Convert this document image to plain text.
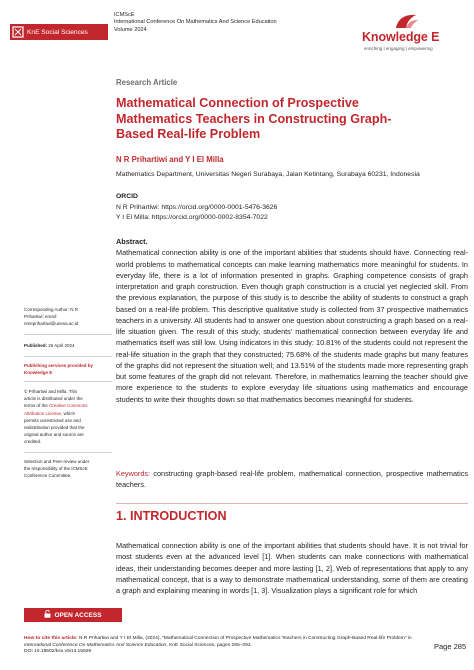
KnE Social Sciences
ICMScE
International Conference On Mathematics And Science Education
Volume 2024
Knowledge E
enriching | engaging | empowering
Research Article
Mathematical Connection of Prospective Mathematics Teachers in Constructing Graph-Based Real-life Problem
N R Prihartiwi and Y I El Milla
Mathematics Department, Universitas Negeri Surabaya, Jalan Ketintang, Surabaya 60231, Indonesia
ORCID
N R Prihartiwi: https://orcid.org/0000-0001-5476-3626
Y I El Milla: https://orcid.org/0000-0002-8354-7022
Abstract.
Mathematical connection ability is one of the important abilities that students should have. Connecting real-world problems to mathematical concepts can make learning mathematics more meaningful for students. In everyday life, there is a lot of information presented in graphs. Graphing competence consists of graph interpretation and graph construction. Even though graph construction is a crucial yet neglected skill. From the previous explanation, the purpose of this study is to describe the ability of students to construct a graph based on a real-life problem. This descriptive qualitative study is collected from 37 prospective mathematics teachers in a university. All students had to answer one question about constructing a graph based on a real-life situation given. The result of this study, students’ mathematical connection between everyday life and mathematics itself was still low. Using indicators in this study: 10.81% of the students could not represent the real-life situation in the graph that they constructed; 75.68% of the students made graphs but many features of the graphs did not represent the situation well; and 13.51% of the students made more representing graph but some features of the graph did not relevant. Therefore, in mathematics learning the teacher should give more experience to the students to explore everyday life situations using mathematics and encourage students to write their thoughts down so that mathematics becomes meaningful for students.
Keywords: constructing graph-based real-life problem, mathematical connection, prospective mathematics teachers.
1. INTRODUCTION
Mathematical connection ability is one of the important abilities that students should have. It is not trivial for most students even at the advanced level [1]. When students can make connections with mathematical ideas, their understanding becomes deeper and more lasting [1, 2]. Web of representations that apply to any mathematical concept, that is a way to demonstrate mathematical understanding, some of them are creating a graph and explaining meaning in words [1, 3]. Visualization plays a significant role for which
Corresponding Author: N R
Prihartiwi; email:
nmeprihartiwi@unesa.ac.id
Published: 26 April 2024
Publishing services provided by
Knowledge E
© Prihartiwi and Milla. This
article is distributed under the
terms of the Creative Commons
Attribution License, which
permits unrestricted use and
redistribution provided that the
original author and source are
credited.
Selection and Peer-review under
the responsibility of the ICMScE
Conference Committee.
OPEN ACCESS
How to cite this article: N R Prihartiwi and Y I El Milla, (2024), “Mathematical Connection of Prospective Mathematics Teachers in Constructing Graph-Based Real-life Problem” in International Conference On Mathematics And Science Education, KnE Social Sciences, pages 285–292.
DOI 10.18502/kss.v9i13.15929
Page 285
